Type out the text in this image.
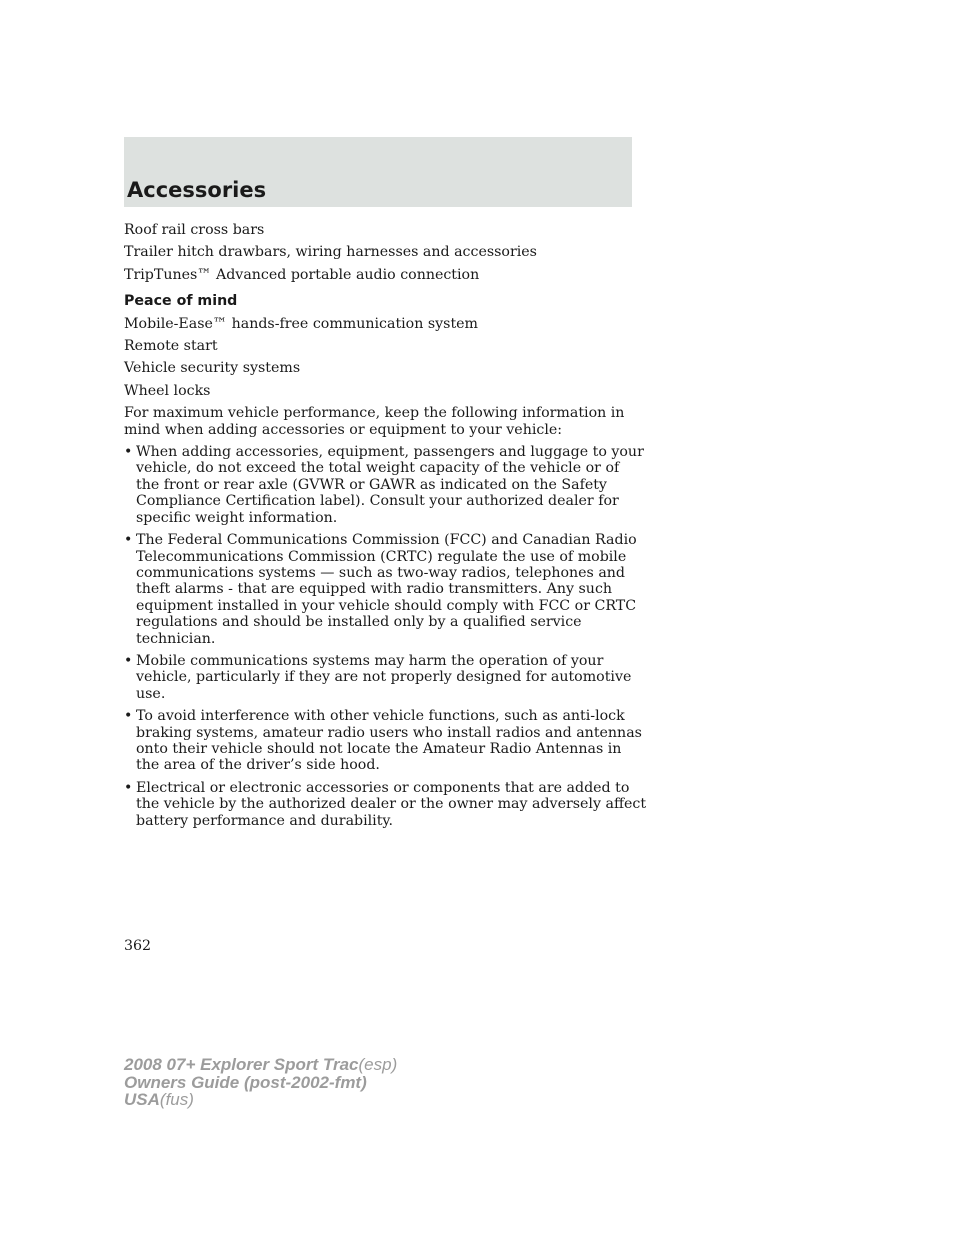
Accessories
Roof rail cross bars
Trailer hitch drawbars, wiring harnesses and accessories
TripTunes™ Advanced portable audio connection
Peace of mind
Mobile-Ease™ hands-free communication system
Remote start
Vehicle security systems
Wheel locks
For maximum vehicle performance, keep the following information in
mind when adding accessories or equipment to your vehicle:
• When adding accessories, equipment, passengers and luggage to your
vehicle, do not exceed the total weight capacity of the vehicle or of
the front or rear axle (GVWR or GAWR as indicated on the Safety
Compliance Certification label). Consult your authorized dealer for
specific weight information.
• The Federal Communications Commission (FCC) and Canadian Radio
Telecommunications Commission (CRTC) regulate the use of mobile
communications systems — such as two-way radios, telephones and
theft alarms - that are equipped with radio transmitters. Any such
equipment installed in your vehicle should comply with FCC or CRTC
regulations and should be installed only by a qualified service
technician.
• Mobile communications systems may harm the operation of your
vehicle, particularly if they are not properly designed for automotive
use.
• To avoid interference with other vehicle functions, such as anti-lock
braking systems, amateur radio users who install radios and antennas
onto their vehicle should not locate the Amateur Radio Antennas in
the area of the driver’s side hood.
• Electrical or electronic accessories or components that are added to
the vehicle by the authorized dealer or the owner may adversely affect
battery performance and durability.
362
2008 07+ Explorer Sport Trac(esp)
Owners Guide (post-2002-fmt)
USA(fus)
